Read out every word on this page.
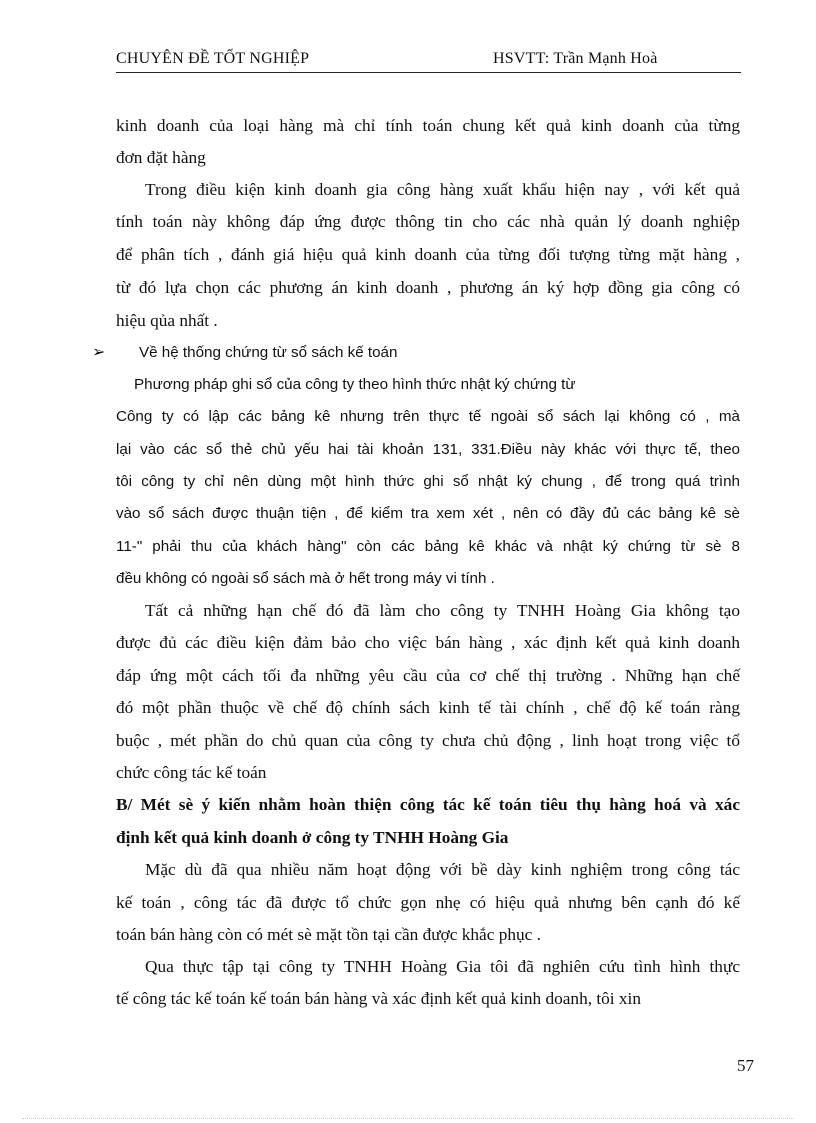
CHUYÊN ĐỀ TỐT NGHIỆP	HSVTT: Trần Mạnh Hoà
kinh doanh của loại hàng mà chỉ tính toán chung kết quả kinh doanh của từng
đơn đặt hàng
Trong điều kiện kinh doanh gia công hàng xuất khẩu hiện nay , với kết quả
tính toán này không đáp ứng được thông tin cho các nhà quản lý doanh nghiệp
để phân tích , đánh giá hiệu quả kinh doanh của từng đối tượng từng mặt hàng ,
từ đó lựa chọn các phương án kinh doanh , phương án ký hợp đồng gia công có
hiệu qủa nhất .
➢ Về hệ thống chứng từ sổ sách kế toán
Phương pháp ghi sổ của công ty theo hình thức nhật ký chứng từ
Công ty có lập các bảng kê nhưng trên thực tế ngoài sổ sách lại không có , mà
lại vào các sổ thẻ chủ yếu hai tài khoản 131, 331.Điều này khác với thực tế, theo
tôi công ty chỉ nên dùng một hình thức ghi sổ nhật ký chung , để trong quá trình
vào sổ sách được thuận tiện , để kiểm tra xem xét , nên có đầy đủ các bảng kê sè
11-" phải thu của khách hàng" còn các bảng kê khác và nhật ký chứng từ sè 8
đều không có ngoài sổ sách mà ở hết trong máy vi tính .
Tất cả những hạn chế đó đã làm cho công ty TNHH Hoàng Gia không tạo
được đủ các điều kiện đảm bảo cho việc bán hàng , xác định kết quả kinh doanh
đáp ứng một cách tối đa những yêu cầu của cơ chế thị trường . Những hạn chế
đó một phần thuộc về chế độ chính sách kinh tế tài chính , chế độ kế toán ràng
buộc , mét phần do chủ quan của công ty chưa chủ động , linh hoạt trong việc tổ
chức công tác kế toán
B/ Mét sè ý kiến nhằm hoàn thiện công tác kế toán tiêu thụ hàng hoá và xác
định kết quả kinh doanh ở công ty TNHH Hoàng Gia
Mặc dù đã qua nhiều năm hoạt động với bề dày kinh nghiệm trong công tác
kế toán , công tác đã được tổ chức gọn nhẹ có hiệu quả nhưng bên cạnh đó kế
toán bán hàng còn có mét sè mặt tồn tại cần được khắc phục .
Qua thực tập tại công ty TNHH Hoàng Gia tôi đã nghiên cứu tình hình thực
tế công tác kế toán kế toán bán hàng và xác định kết quả kinh doanh, tôi xin
57
